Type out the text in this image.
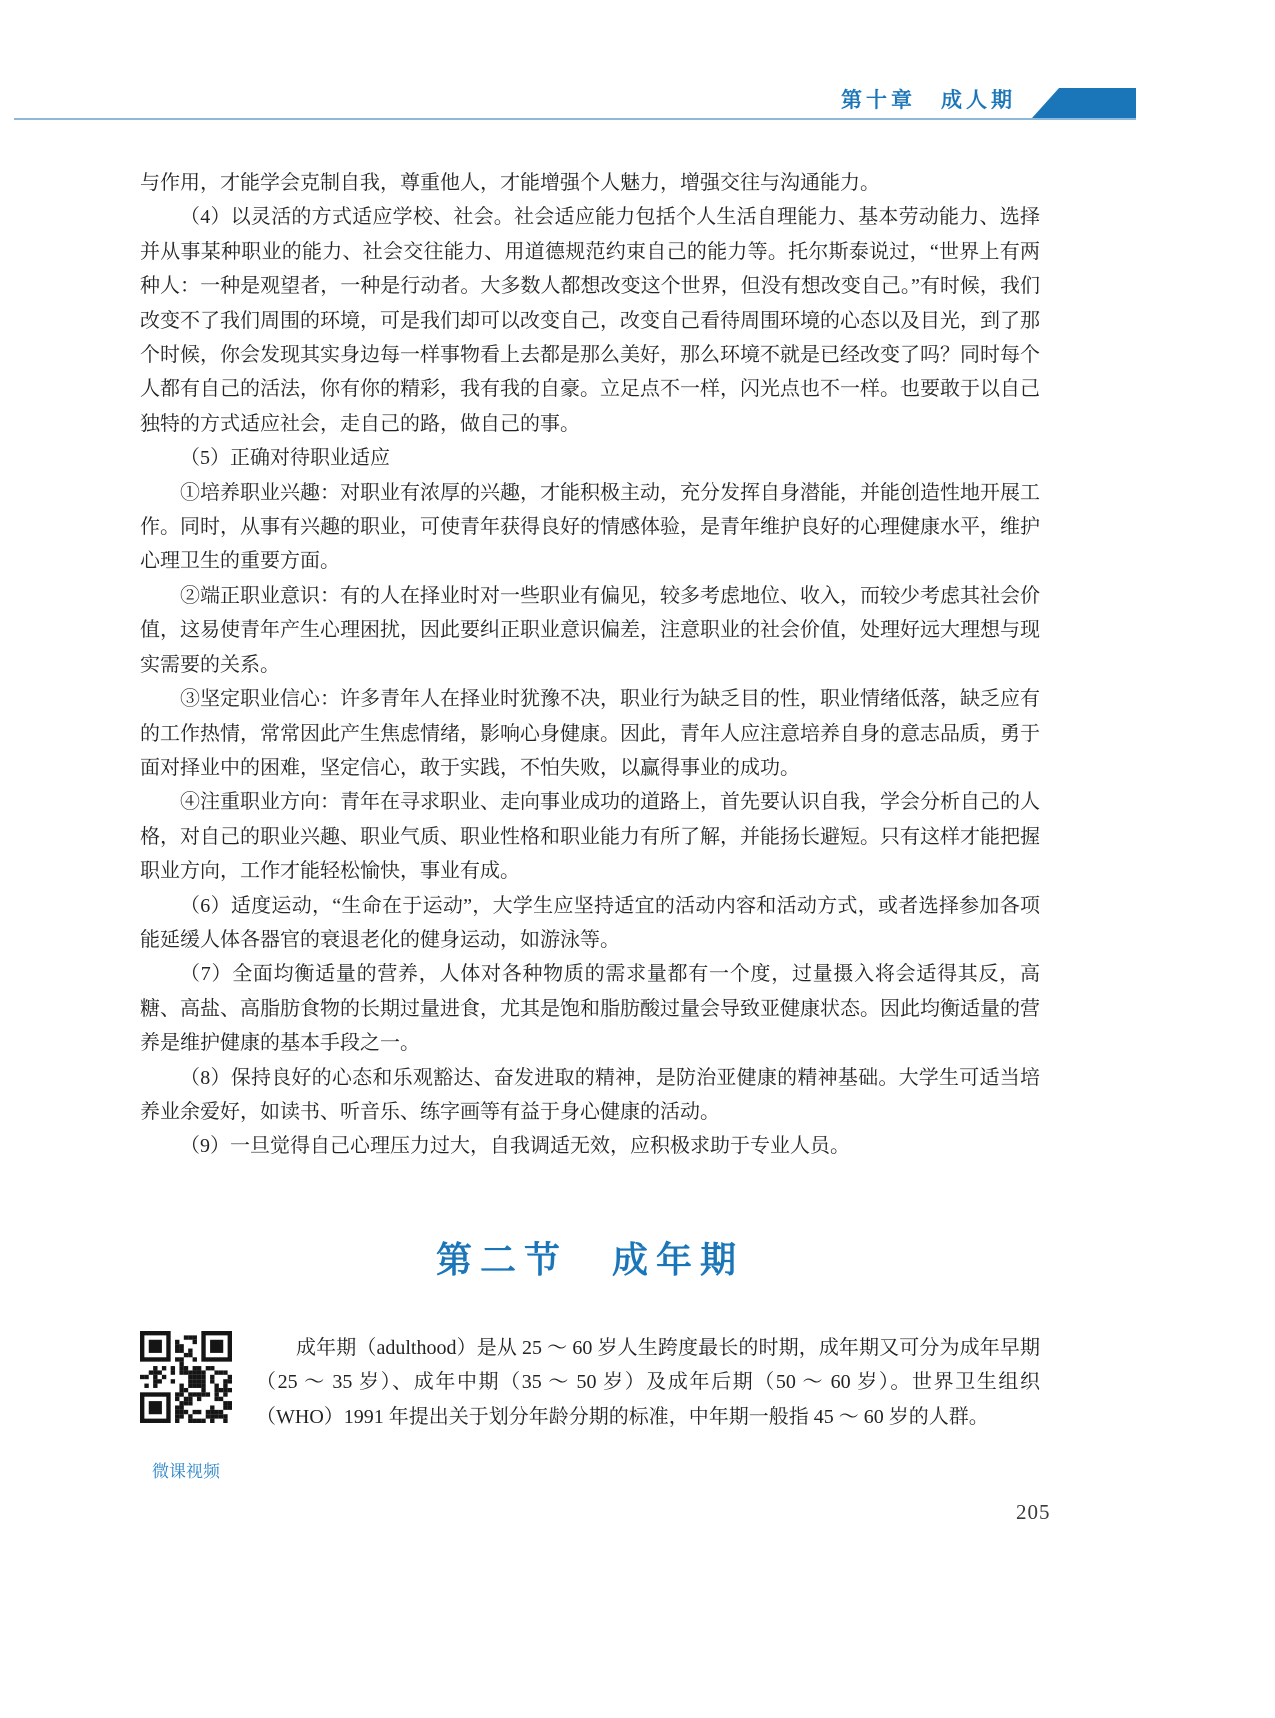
第十章　成人期

与作用，才能学会克制自我，尊重他人，才能增强个人魅力，增强交往与沟通能力。

（4）以灵活的方式适应学校、社会。社会适应能力包括个人生活自理能力、基本劳动能力、选择并从事某种职业的能力、社会交往能力、用道德规范约束自己的能力等。托尔斯泰说过，“世界上有两种人：一种是观望者，一种是行动者。大多数人都想改变这个世界，但没有想改变自己。”有时候，我们改变不了我们周围的环境，可是我们却可以改变自己，改变自己看待周围环境的心态以及目光，到了那个时候，你会发现其实身边每一样事物看上去都是那么美好，那么环境不就是已经改变了吗？同时每个人都有自己的活法，你有你的精彩，我有我的自豪。立足点不一样，闪光点也不一样。也要敢于以自己独特的方式适应社会，走自己的路，做自己的事。

（5）正确对待职业适应

①培养职业兴趣：对职业有浓厚的兴趣，才能积极主动，充分发挥自身潜能，并能创造性地开展工作。同时，从事有兴趣的职业，可使青年获得良好的情感体验，是青年维护良好的心理健康水平，维护心理卫生的重要方面。

②端正职业意识：有的人在择业时对一些职业有偏见，较多考虑地位、收入，而较少考虑其社会价值，这易使青年产生心理困扰，因此要纠正职业意识偏差，注意职业的社会价值，处理好远大理想与现实需要的关系。

③坚定职业信心：许多青年人在择业时犹豫不决，职业行为缺乏目的性，职业情绪低落，缺乏应有的工作热情，常常因此产生焦虑情绪，影响心身健康。因此，青年人应注意培养自身的意志品质，勇于面对择业中的困难，坚定信心，敢于实践，不怕失败，以赢得事业的成功。

④注重职业方向：青年在寻求职业、走向事业成功的道路上，首先要认识自我，学会分析自己的人格，对自己的职业兴趣、职业气质、职业性格和职业能力有所了解，并能扬长避短。只有这样才能把握职业方向，工作才能轻松愉快，事业有成。

（6）适度运动，“生命在于运动”，大学生应坚持适宜的活动内容和活动方式，或者选择参加各项能延缓人体各器官的衰退老化的健身运动，如游泳等。

（7）全面均衡适量的营养，人体对各种物质的需求量都有一个度，过量摄入将会适得其反，高糖、高盐、高脂肪食物的长期过量进食，尤其是饱和脂肪酸过量会导致亚健康状态。因此均衡适量的营养是维护健康的基本手段之一。

（8）保持良好的心态和乐观豁达、奋发进取的精神，是防治亚健康的精神基础。大学生可适当培养业余爱好，如读书、听音乐、练字画等有益于身心健康的活动。

（9）一旦觉得自己心理压力过大，自我调适无效，应积极求助于专业人员。

第二节　成年期
微课视频

成年期（adulthood）是从 25 ～ 60 岁人生跨度最长的时期，成年期又可分为成年早期（25 ～ 35 岁）、成年中期（35 ～ 50 岁）及成年后期（50 ～ 60 岁）。世界卫生组织（WHO）1991 年提出关于划分年龄分期的标准，中年期一般指 45 ～ 60 岁的人群。

205
